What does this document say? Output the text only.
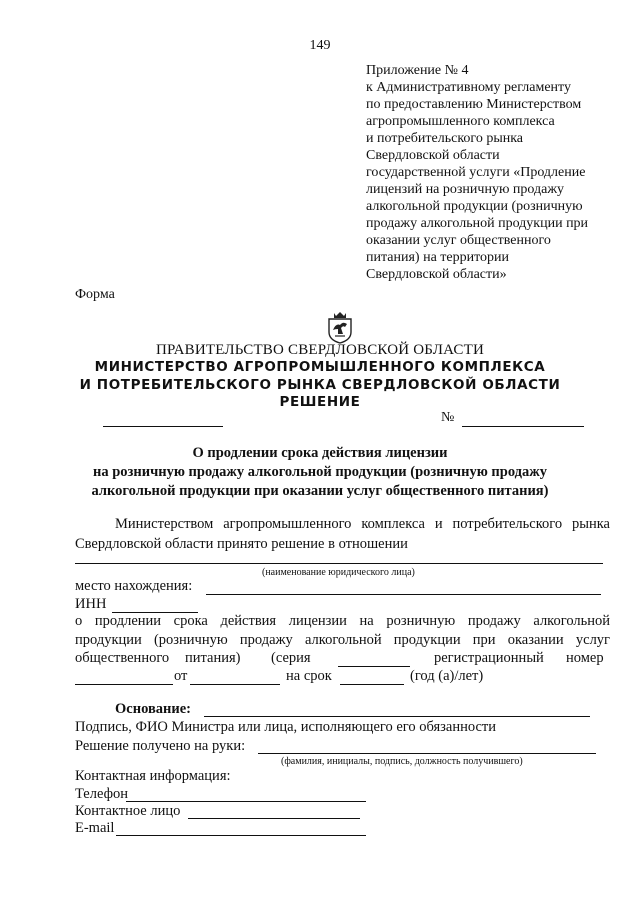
149
Приложение № 4
к Административному регламенту
по предоставлению Министерством
агропромышленного комплекса
и потребительского рынка
Свердловской области
государственной услуги «Продление
лицензий на розничную продажу
алкогольной продукции (розничную
продажу алкогольной продукции при
оказании услуг общественного
питания) на территории
Свердловской области»
Форма
ПРАВИТЕЛЬСТВО СВЕРДЛОВСКОЙ ОБЛАСТИ
МИНИСТЕРСТВО АГРОПРОМЫШЛЕННОГО КОМПЛЕКСА
И ПОТРЕБИТЕЛЬСКОГО РЫНКА СВЕРДЛОВСКОЙ ОБЛАСТИ
РЕШЕНИЕ
№
О продлении срока действия лицензии
на розничную продажу алкогольной продукции (розничную продажу
алкогольной продукции при оказании услуг общественного питания)
Министерством агропромышленного комплекса и потребительского рынка
Свердловской области принято решение в отношении
(наименование юридического лица)
место нахождения:
ИНН
о продлении срока действия лицензии на розничную продажу алкогольной
продукции (розничную продажу алкогольной продукции при оказании услуг
общественного питания) (серия	регистрационный номер
от	на срок	(год (а)/лет)
Основание:
Подпись, ФИО Министра или лица, исполняющего его обязанности
Решение получено на руки:
(фамилия, инициалы, подпись, должность получившего)
Контактная информация:
Телефон
Контактное лицо
E-mail
